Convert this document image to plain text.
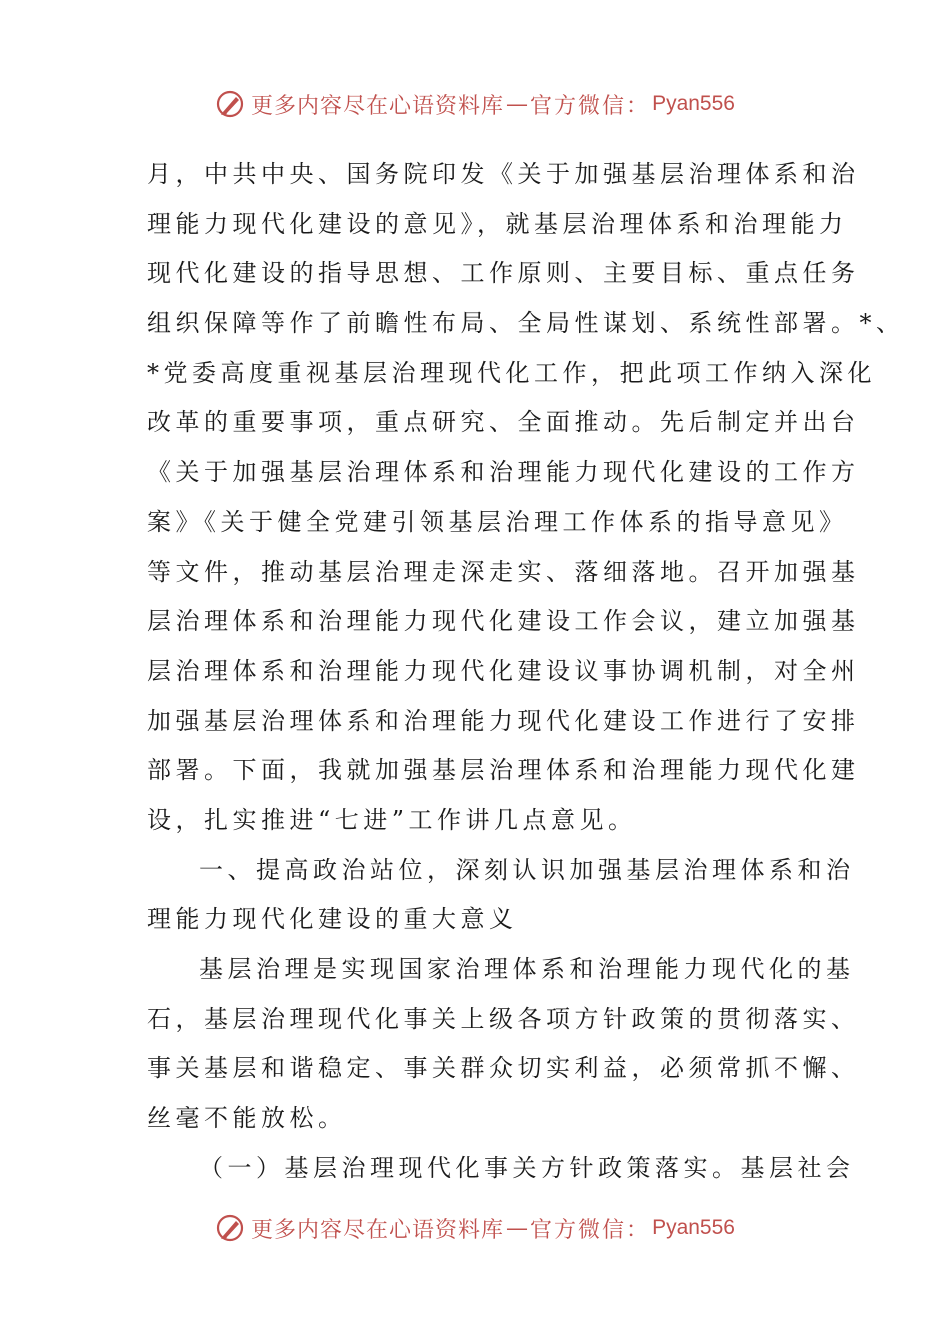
更多内容尽在心语资料库 — 官方微信 ： Pyan556
月，中共中央、国务院印发《关于加强基层治理体系和治
理能力现代化建设的意见》，就基层治理体系和治理能力
现代化建设的指导思想、工作原则、主要目标、重点任务
组织保障等作了前瞻性布局、全局性谋划、系统性部署。*、
*党委高度重视基层治理现代化工作，把此项工作纳入深化
改革的重要事项，重点研究、全面推动。先后制定并出台
《关于加强基层治理体系和治理能力现代化建设的工作方
案》《关于健全党建引领基层治理工作体系的指导意见》
等文件，推动基层治理走深走实、落细落地。召开加强基
层治理体系和治理能力现代化建设工作会议，建立加强基
层治理体系和治理能力现代化建设议事协调机制，对全州
加强基层治理体系和治理能力现代化建设工作进行了安排
部署。下面，我就加强基层治理体系和治理能力现代化建
设，扎实推进“七进”工作讲几点意见。
一、提高政治站位，深刻认识加强基层治理体系和治
理能力现代化建设的重大意义
基层治理是实现国家治理体系和治理能力现代化的基
石，基层治理现代化事关上级各项方针政策的贯彻落实、
事关基层和谐稳定、事关群众切实利益，必须常抓不懈、
丝毫不能放松。
（一）基层治理现代化事关方针政策落实。基层社会
更多内容尽在心语资料库 — 官方微信 ： Pyan556
